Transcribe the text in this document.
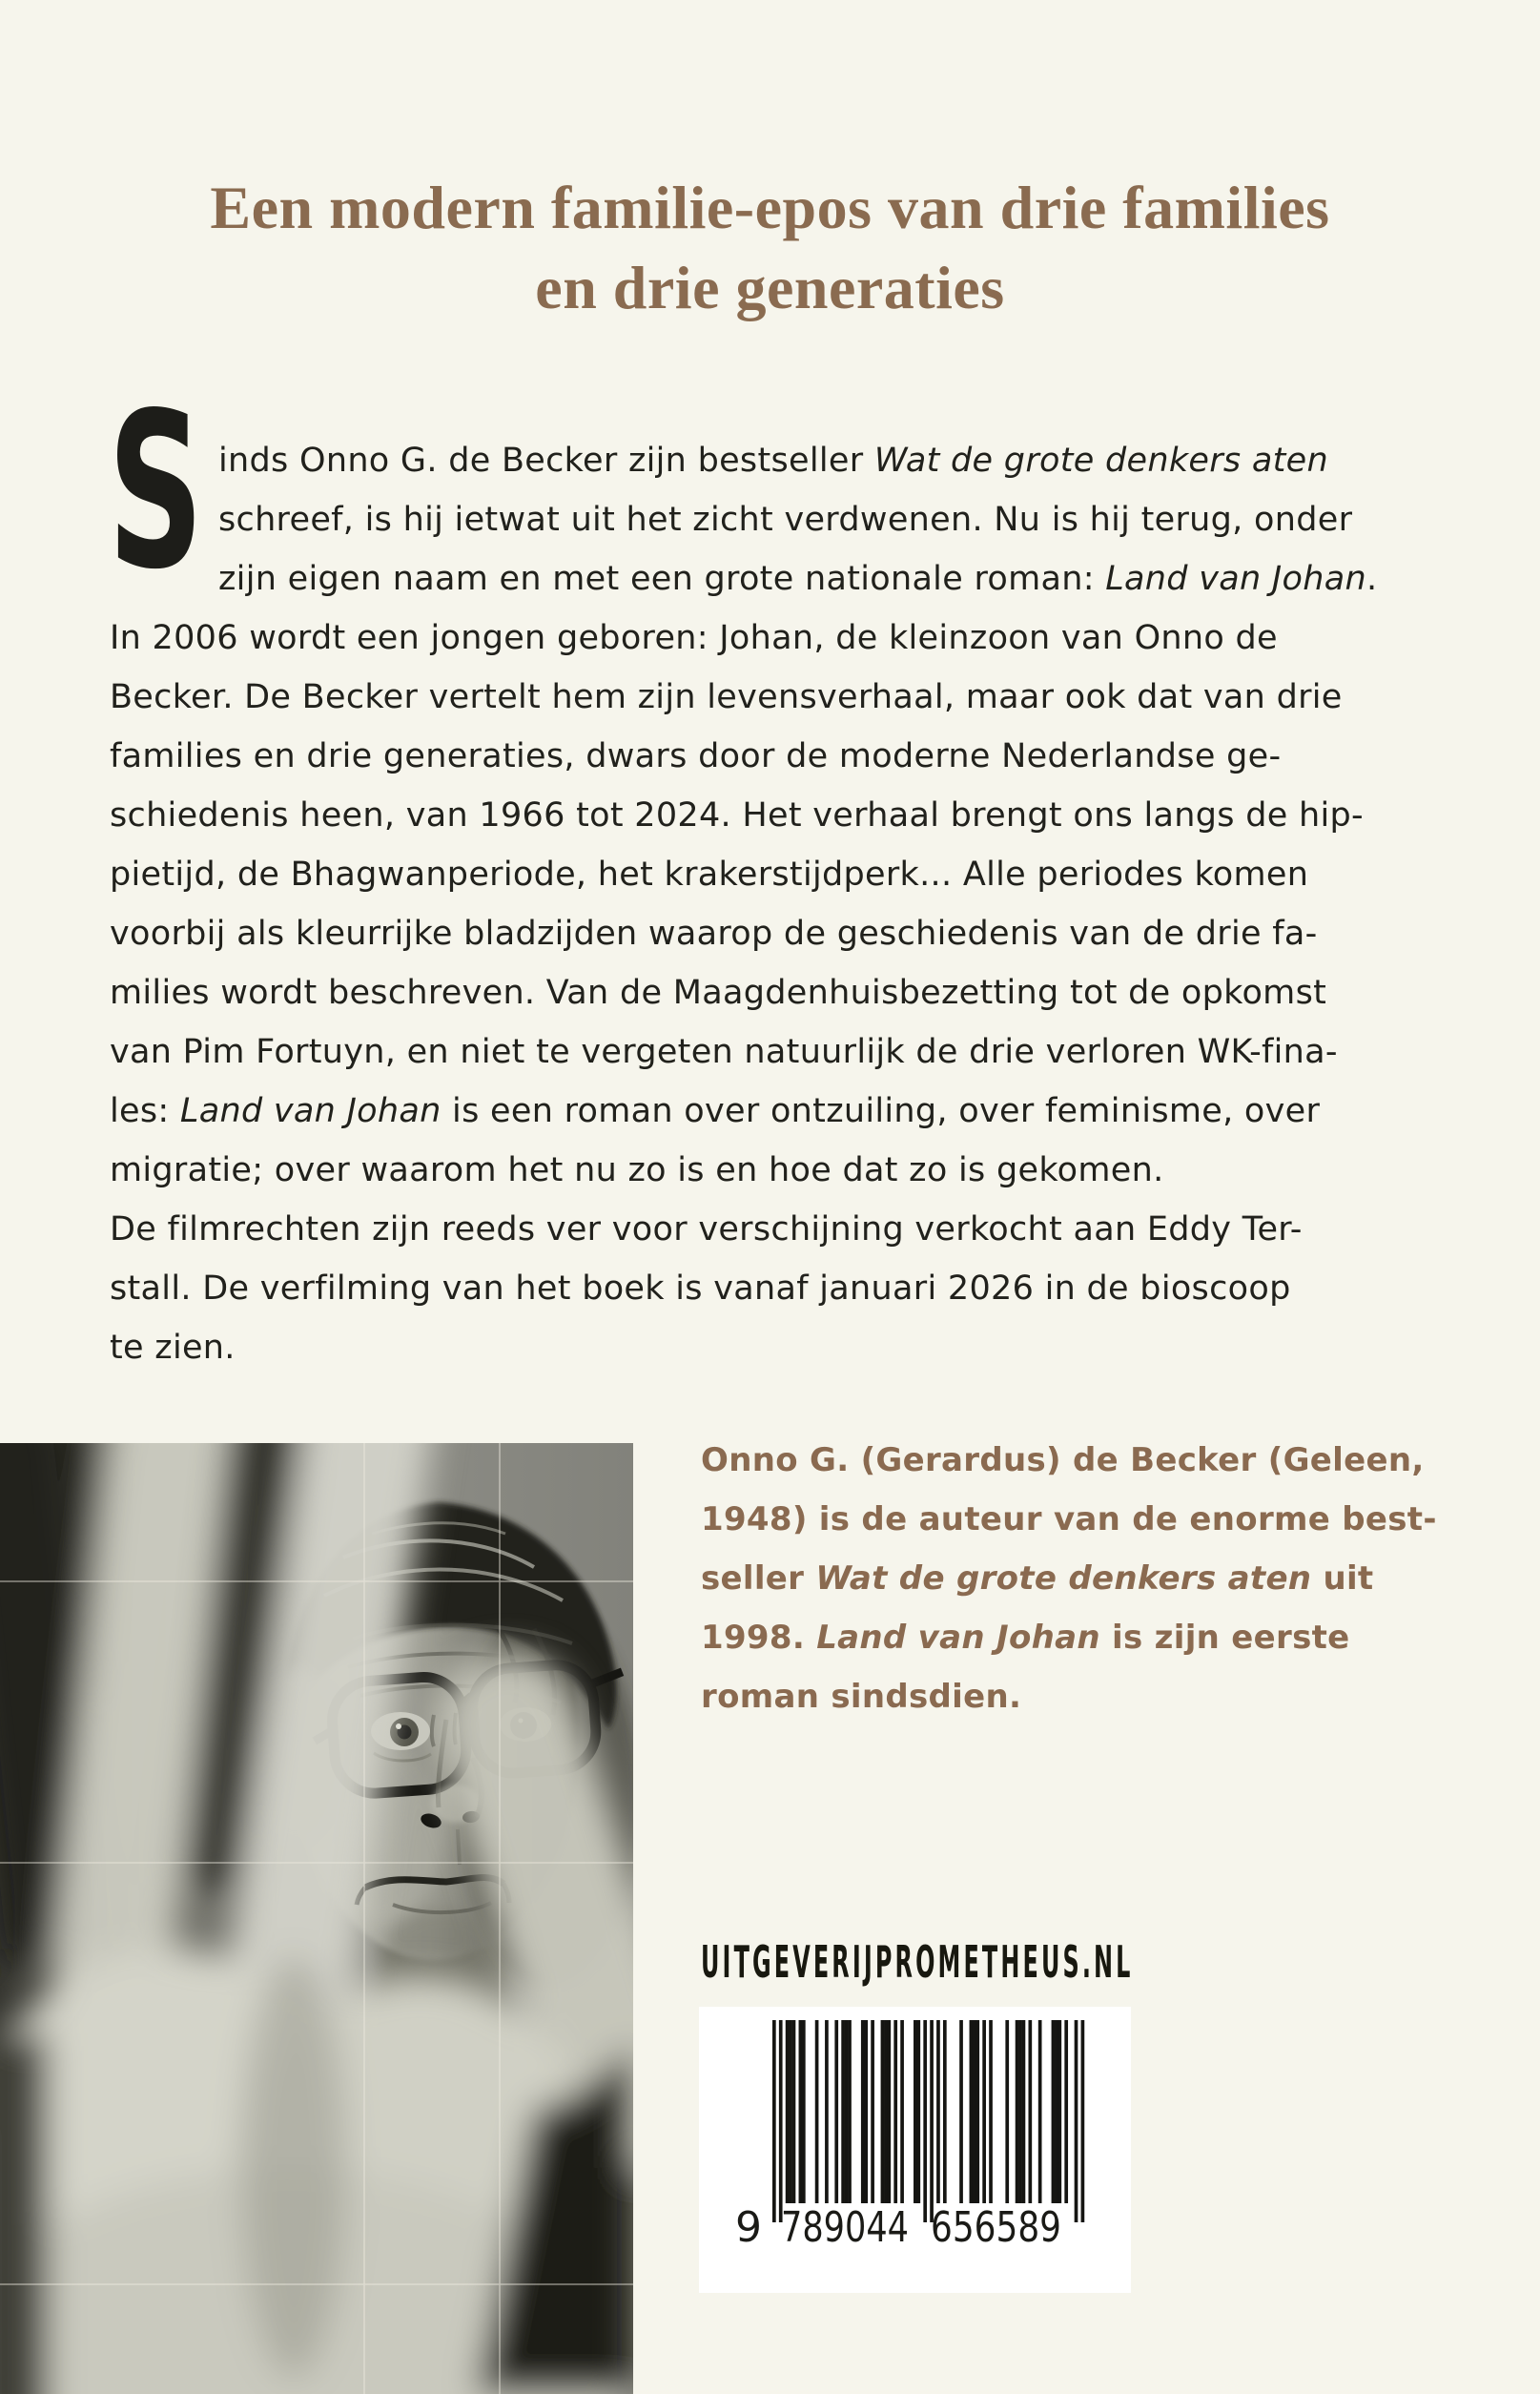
Een modern familie-epos van drie families
en drie generaties
S inds Onno G. de Becker zijn bestseller Wat de grote denkers aten
schreef, is hij ietwat uit het zicht verdwenen. Nu is hij terug, onder
zijn eigen naam en met een grote nationale roman: Land van Johan.
In 2006 wordt een jongen geboren: Johan, de kleinzoon van Onno de
Becker. De Becker vertelt hem zijn levensverhaal, maar ook dat van drie
families en drie generaties, dwars door de moderne Nederlandse ge-
schiedenis heen, van 1966 tot 2024. Het verhaal brengt ons langs de hip-
pietijd, de Bhagwanperiode, het krakerstijdperk... Alle periodes komen
voorbij als kleurrijke bladzijden waarop de geschiedenis van de drie fa-
milies wordt beschreven. Van de Maagdenhuisbezetting tot de opkomst
van Pim Fortuyn, en niet te vergeten natuurlijk de drie verloren WK-fina-
les: Land van Johan is een roman over ontzuiling, over feminisme, over
migratie; over waarom het nu zo is en hoe dat zo is gekomen.
De filmrechten zijn reeds ver voor verschijning verkocht aan Eddy Ter-
stall. De verfilming van het boek is vanaf januari 2026 in de bioscoop
te zien.
Onno G. (Gerardus) de Becker (Geleen,
1948) is de auteur van de enorme best-
seller Wat de grote denkers aten uit
1998. Land van Johan is zijn eerste
roman sindsdien.
UITGEVERIJPROMETHEUS.NL
9 789044 656589
